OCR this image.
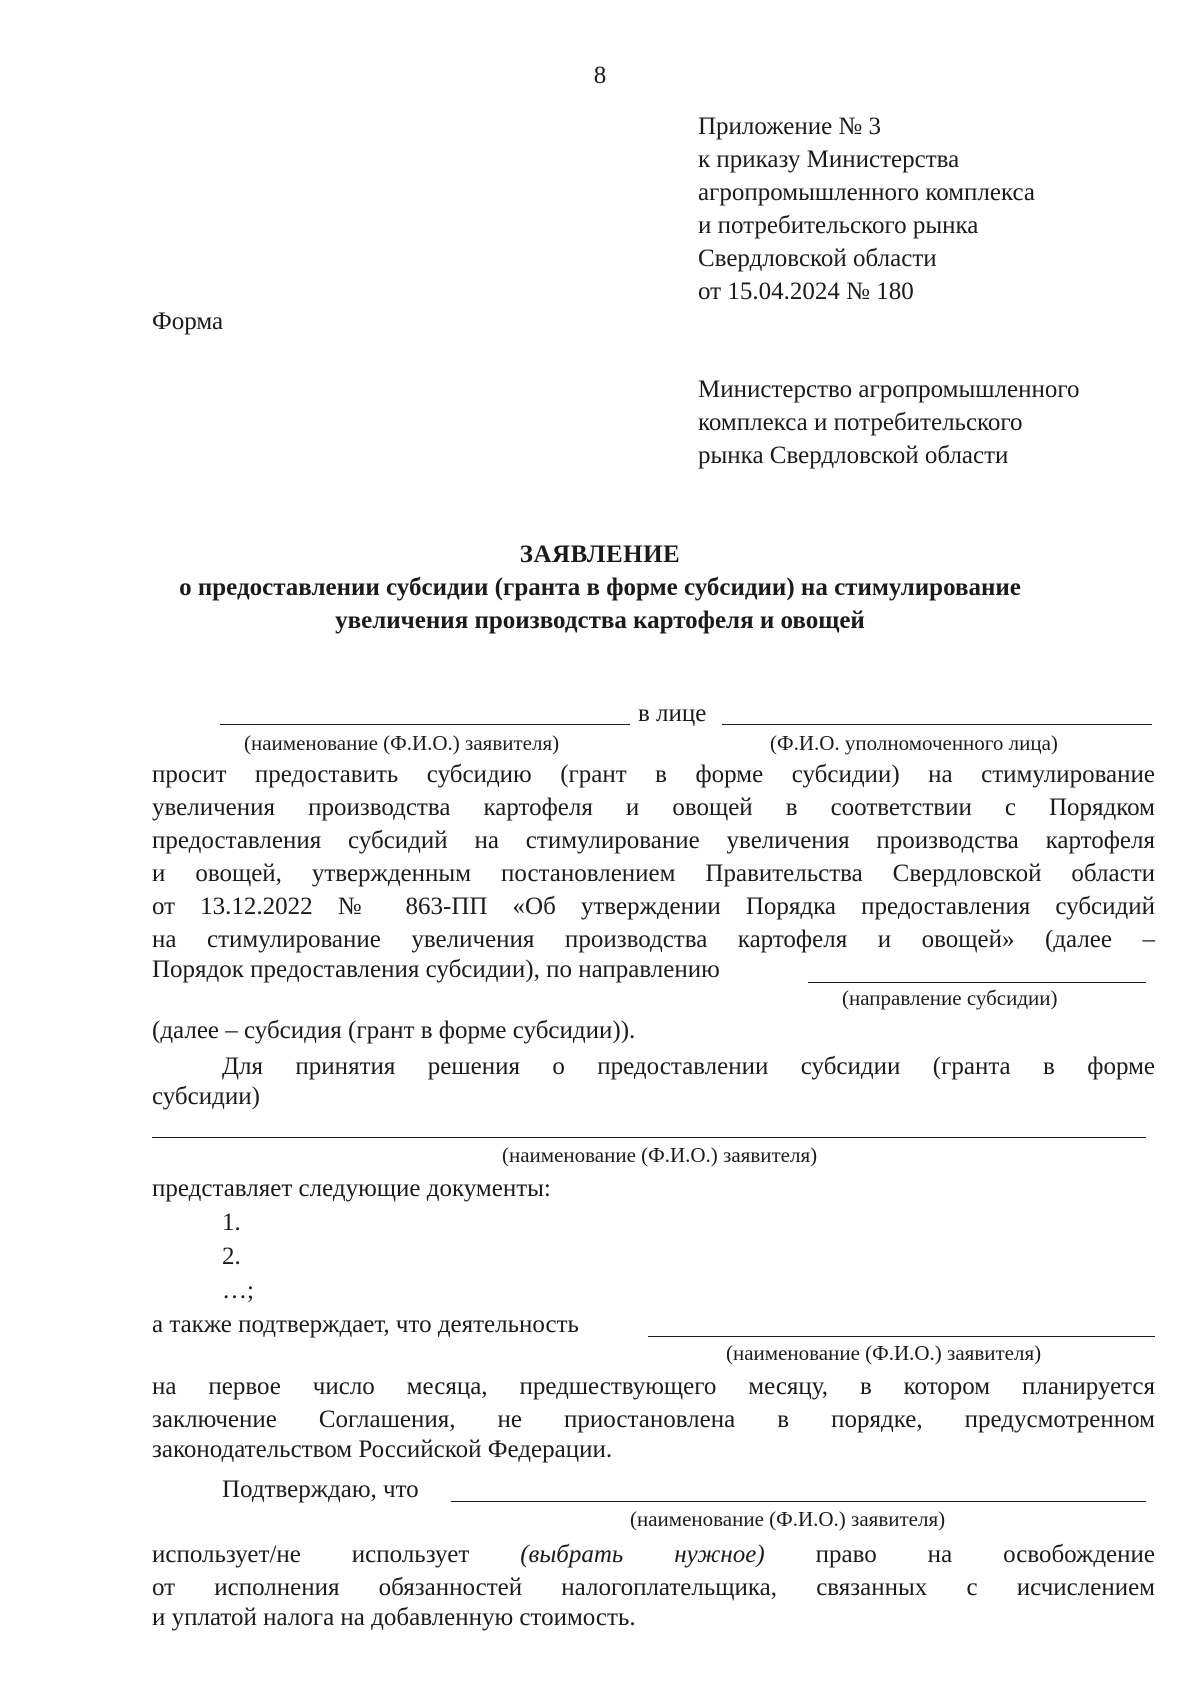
8
Приложение № 3
к приказу Министерства
агропромышленного комплекса
и потребительского рынка
Свердловской области
от 15.04.2024 № 180
Форма
Министерство агропромышленного
комплекса и потребительского
рынка Свердловской области
ЗАЯВЛЕНИЕ
о предоставлении субсидии (гранта в форме субсидии) на стимулирование
увеличения производства картофеля и овощей
в лице
(наименование (Ф.И.О.) заявителя)	(Ф.И.О. уполномоченного лица)
просит предоставить субсидию (грант в форме субсидии) на стимулирование
увеличения производства картофеля и овощей в соответствии с Порядком
предоставления субсидий на стимулирование увеличения производства картофеля
и овощей, утвержденным постановлением Правительства Свердловской области
от 13.12.2022 № 863-ПП «Об утверждении Порядка предоставления субсидий
на стимулирование увеличения производства картофеля и овощей» (далее –
Порядок предоставления субсидии), по направлению
(направление субсидии)
(далее – субсидия (грант в форме субсидии)).
Для принятия решения о предоставлении субсидии (гранта в форме
субсидии)
(наименование (Ф.И.О.) заявителя)
представляет следующие документы:
1.
2.
…;
а также подтверждает, что деятельность
(наименование (Ф.И.О.) заявителя)
на первое число месяца, предшествующего месяцу, в котором планируется
заключение Соглашения, не приостановлена в порядке, предусмотренном
законодательством Российской Федерации.
Подтверждаю, что
(наименование (Ф.И.О.) заявителя)
использует/не использует (выбрать нужное) право на освобождение
от исполнения обязанностей налогоплательщика, связанных с исчислением
и уплатой налога на добавленную стоимость.
